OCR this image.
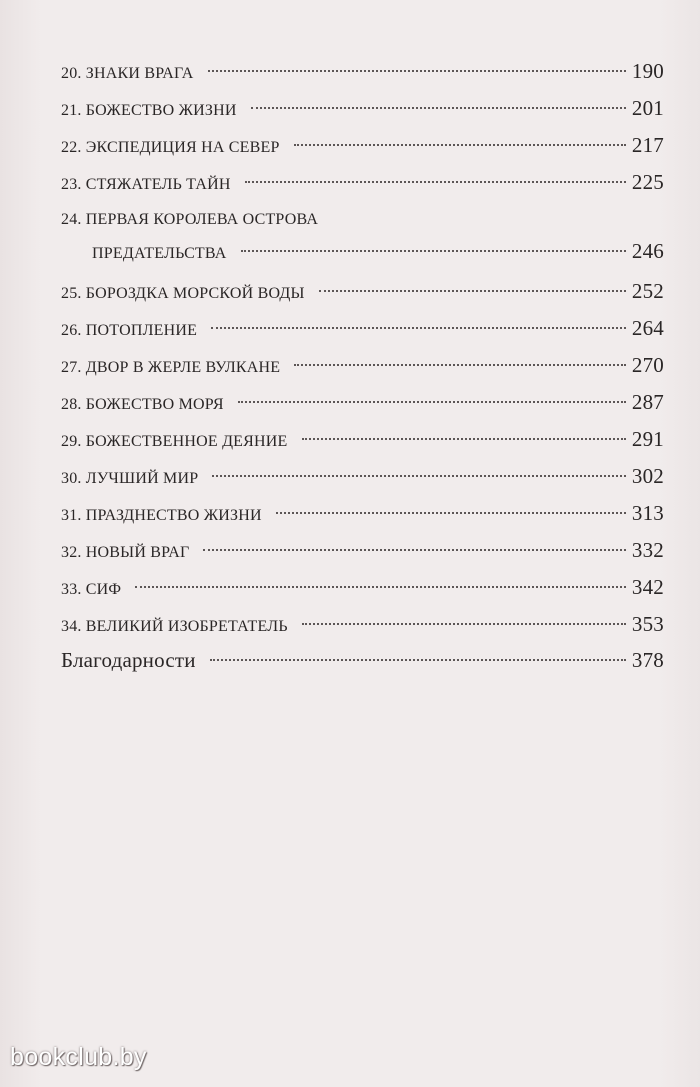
20. знаки врага	190
21. божество жизни	201
22. экспедиция на север	217
23. стяжатель тайн	225
24. первая королева острова
предательства	246
25. бороздка морской воды	252
26. потопление	264
27. двор в жерле вулкане	270
28. божество моря	287
29. божественное деяние	291
30. лучший мир	302
31. празднество жизни	313
32. новый враг	332
33. сиф	342
34. великий изобретатель	353
Благодарности	378
bookclub.by
